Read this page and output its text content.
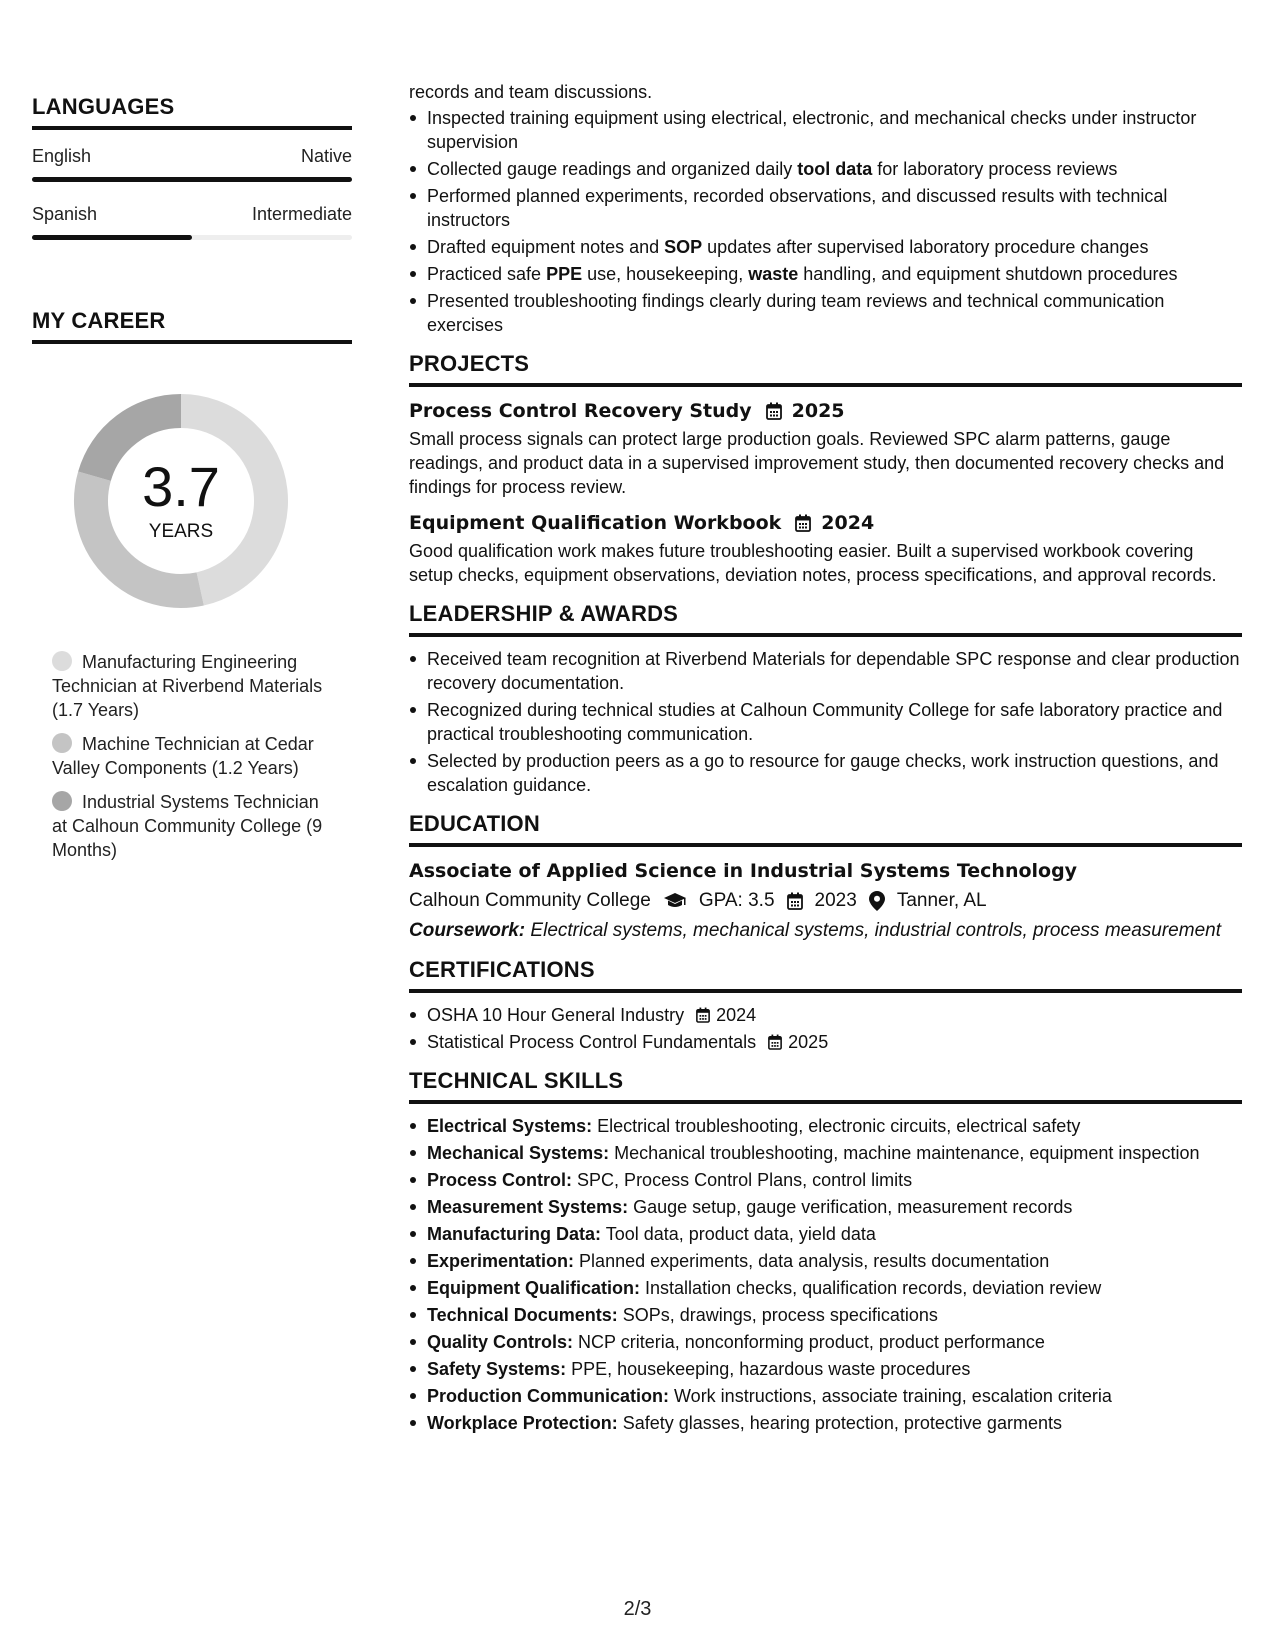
LANGUAGES
English	Native
Spanish	Intermediate
MY CAREER
3.7
YEARS
Manufacturing Engineering Technician at Riverbend Materials (1.7 Years)
Machine Technician at Cedar Valley Components (1.2 Years)
Industrial Systems Technician at Calhoun Community College (9 Months)
records and team discussions.
Inspected training equipment using electrical, electronic, and mechanical checks under instructor supervision
Collected gauge readings and organized daily tool data for laboratory process reviews
Performed planned experiments, recorded observations, and discussed results with technical instructors
Drafted equipment notes and SOP updates after supervised laboratory procedure changes
Practiced safe PPE use, housekeeping, waste handling, and equipment shutdown procedures
Presented troubleshooting findings clearly during team reviews and technical communication exercises
PROJECTS
Process Control Recovery Study 2025
Small process signals can protect large production goals. Reviewed SPC alarm patterns, gauge readings, and product data in a supervised improvement study, then documented recovery checks and findings for process review.
Equipment Qualification Workbook 2024
Good qualification work makes future troubleshooting easier. Built a supervised workbook covering setup checks, equipment observations, deviation notes, process specifications, and approval records.
LEADERSHIP & AWARDS
Received team recognition at Riverbend Materials for dependable SPC response and clear production recovery documentation.
Recognized during technical studies at Calhoun Community College for safe laboratory practice and practical troubleshooting communication.
Selected by production peers as a go to resource for gauge checks, work instruction questions, and escalation guidance.
EDUCATION
Associate of Applied Science in Industrial Systems Technology
Calhoun Community College	GPA: 3.5 2023 Tanner, AL
Coursework: Electrical systems, mechanical systems, industrial controls, process measurement
CERTIFICATIONS
OSHA 10 Hour General Industry 2024
Statistical Process Control Fundamentals 2025
TECHNICAL SKILLS
Electrical Systems: Electrical troubleshooting, electronic circuits, electrical safety
Mechanical Systems: Mechanical troubleshooting, machine maintenance, equipment inspection
Process Control: SPC, Process Control Plans, control limits
Measurement Systems: Gauge setup, gauge verification, measurement records
Manufacturing Data: Tool data, product data, yield data
Experimentation: Planned experiments, data analysis, results documentation
Equipment Qualification: Installation checks, qualification records, deviation review
Technical Documents: SOPs, drawings, process specifications
Quality Controls: NCP criteria, nonconforming product, product performance
Safety Systems: PPE, housekeeping, hazardous waste procedures
Production Communication: Work instructions, associate training, escalation criteria
Workplace Protection: Safety glasses, hearing protection, protective garments
2/3
